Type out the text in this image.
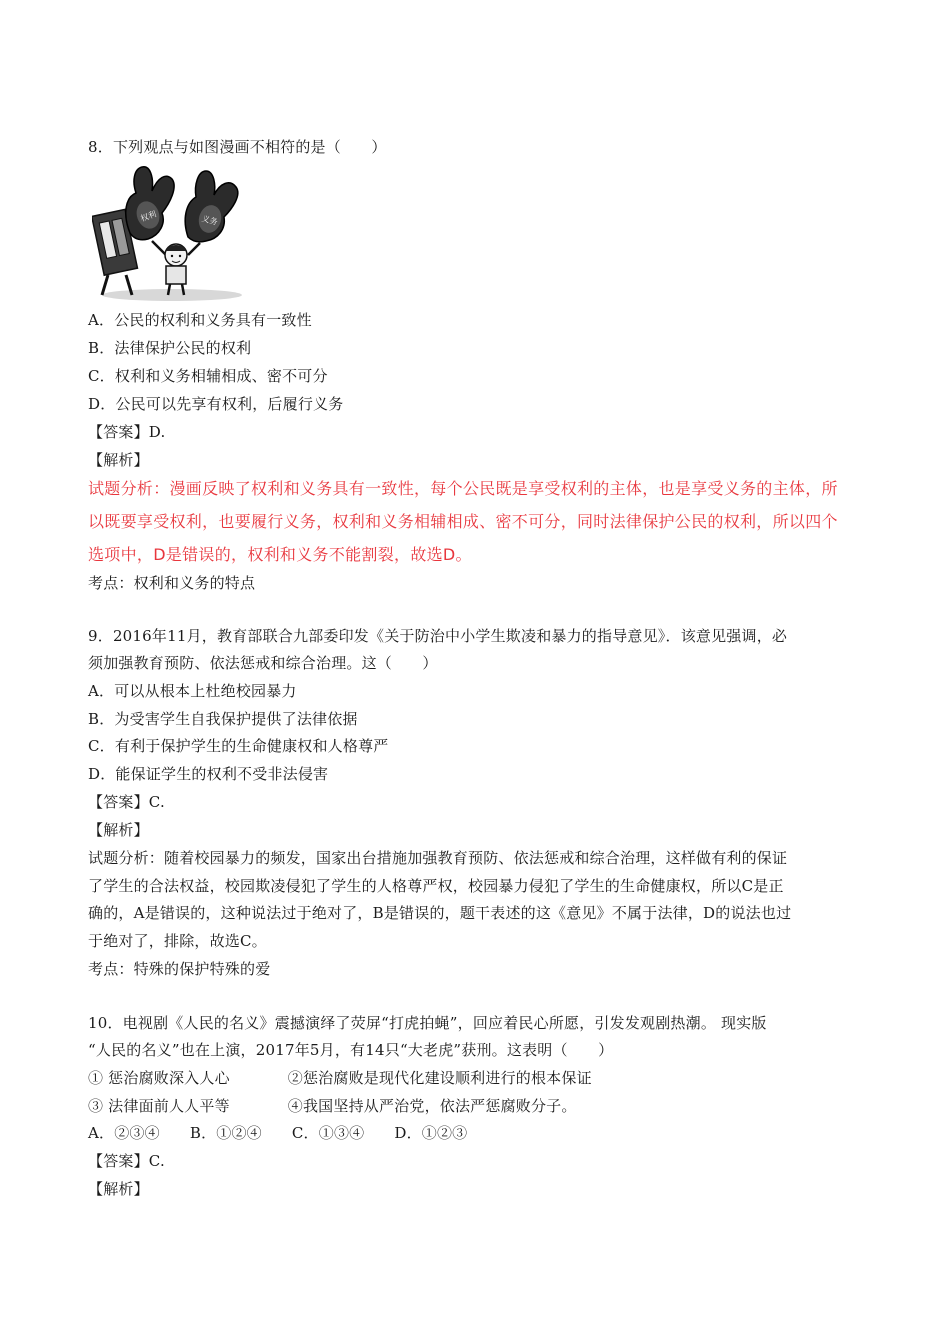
8．下列观点与如图漫画不相符的是（　　）
权利	义务
A．公民的权利和义务具有一致性
B．法律保护公民的权利
C．权利和义务相辅相成、密不可分
D．公民可以先享有权利，后履行义务
【答案】D.
【解析】
试题分析：漫画反映了权利和义务具有一致性，每个公民既是享受权利的主体，也是享受义务的主体，所
以既要享受权利，也要履行义务，权利和义务相辅相成、密不可分，同时法律保护公民的权利，所以四个
选项中，D是错误的，权利和义务不能割裂，故选D。
考点：权利和义务的特点
9．2016年11月，教育部联合九部委印发《关于防治中小学生欺凌和暴力的指导意见》．该意见强调，必
须加强教育预防、依法惩戒和综合治理。这（　　）
A．可以从根本上杜绝校园暴力
B．为受害学生自我保护提供了法律依据
C．有利于保护学生的生命健康权和人格尊严
D．能保证学生的权利不受非法侵害
【答案】C.
【解析】
试题分析：随着校园暴力的频发，国家出台措施加强教育预防、依法惩戒和综合治理，这样做有利的保证
了学生的合法权益，校园欺凌侵犯了学生的人格尊严权，校园暴力侵犯了学生的生命健康权，所以C是正
确的，A是错误的，这种说法过于绝对了，B是错误的，题干表述的这《意见》不属于法律，D的说法也过
于绝对了，排除，故选C。
考点：特殊的保护特殊的爱
10．电视剧《人民的名义》震撼演绎了荧屏“打虎拍蝇”，回应着民心所愿，引发发观剧热潮。 现实版
“人民的名义”也在上演，2017年5月，有14只“大老虎”获刑。这表明（　　）
① 惩治腐败深入人心	②惩治腐败是现代化建设顺利进行的根本保证
③ 法律面前人人平等	④我国坚持从严治党，依法严惩腐败分子。
A．②③④ B．①②④ C．①③④ D．①②③
【答案】C.
【解析】
